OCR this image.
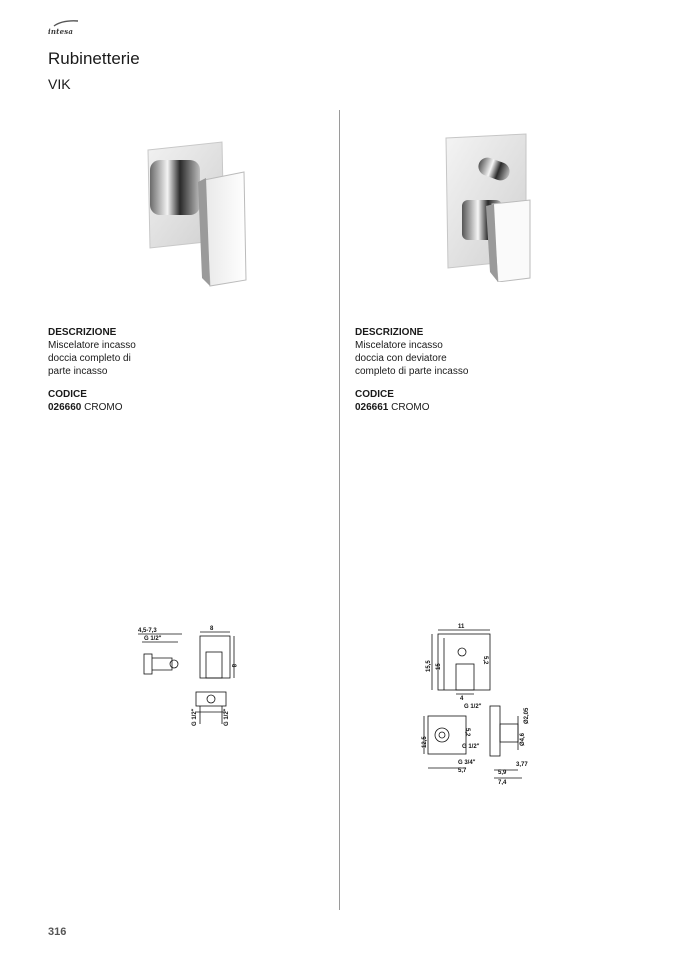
intesa
Rubinetterie
VIK
DESCRIZIONE
Miscelatore incasso
doccia completo di
parte incasso
CODICE
026660 CROMO
DESCRIZIONE
Miscelatore incasso
doccia con deviatore
completo di parte incasso
CODICE
026661 CROMO
4,5-7,3
G 1/2"
8
8
G 1/2"	G 1/2"
11
15,5 15
5,2
4
G 1/2"
Ø2,05
12,5
5,2
G 1/2"
Ø4,6
3,77
G 3/4"
5,7	5,9
7,4
316
